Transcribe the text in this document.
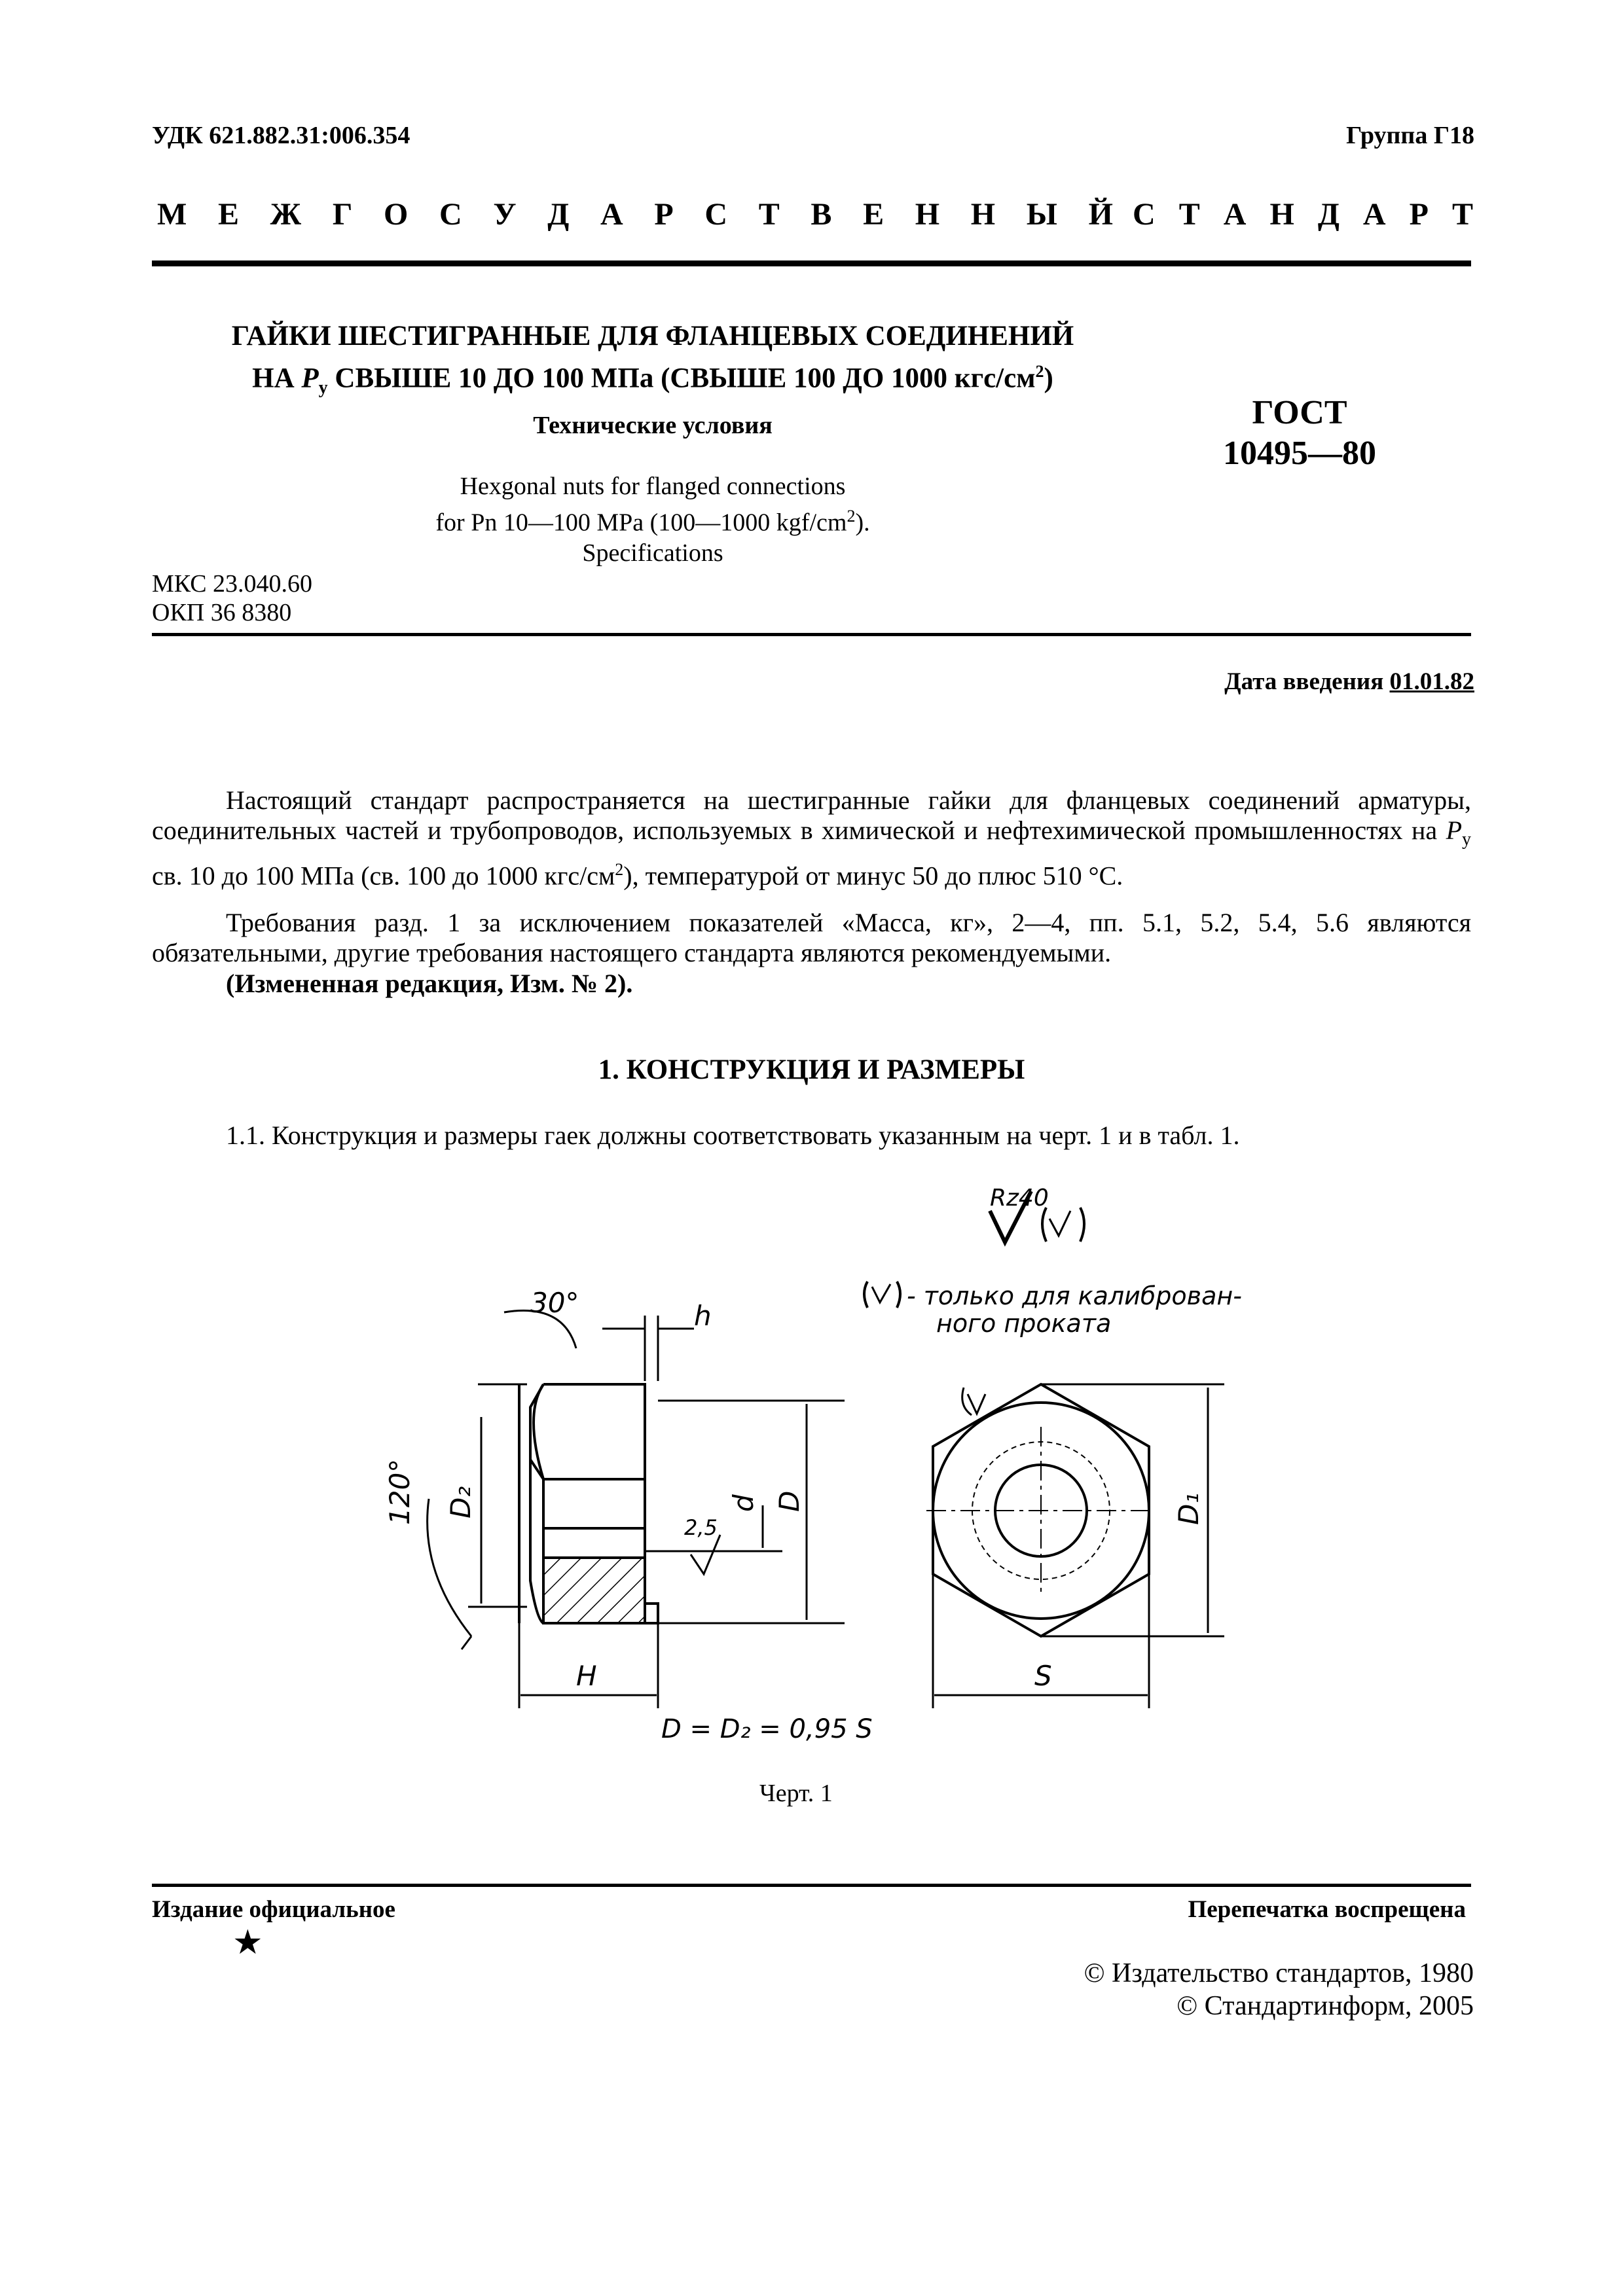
УДК 621.882.31:006.354	Группа Г18
М Е Ж Г О С У Д А Р С Т В Е Н Н Ы Й С Т А Н Д А Р Т
ГАЙКИ ШЕСТИГРАННЫЕ ДЛЯ ФЛАНЦЕВЫХ СОЕДИНЕНИЙ
НА $P_у$ СВЫШЕ 10 ДО 100 МПа (СВЫШЕ 100 ДО 1000 кгс/$см^2$)
Технические условия
Hexgonal nuts for flanged connections
for Pn 10—100 MPa (100—1000 kgf/$cm^2$).
Specifications
ГОСТ
10495—80
МКС 23.040.60
ОКП 36 8380
Дата введения 01.01.82
Настоящий стандарт распространяется на шестигранные гайки для фланцевых соединений арматуры, соединительных частей и трубопроводов, используемых в химической и нефтехимической промышленностях на $P_у$ св. 10 до 100 МПа (св. 100 до 1000 кгс/$см^2$), температурой от минус 50 до плюс 510 °С.
Требования разд. 1 за исключением показателей «Масса, кг», 2—4, пп. 5.1, 5.2, 5.4, 5.6 являются обязательными, другие требования настоящего стандарта являются рекомендуемыми.
(Измененная редакция, Изм. № 2).
1. КОНСТРУКЦИЯ И РАЗМЕРЫ
1.1. Конструкция и размеры гаек должны соответствовать указанным на черт. 1 и в табл. 1.
Rz40
- только для калиброван-
ного проката
30°	h
120° D₂	d D
2,5
H
D₁
S
D = D₂ = 0,95 S
Черт. 1
Издание официальное	Перепечатка воспрещена
★
© Издательство стандартов, 1980
© Стандартинформ, 2005
